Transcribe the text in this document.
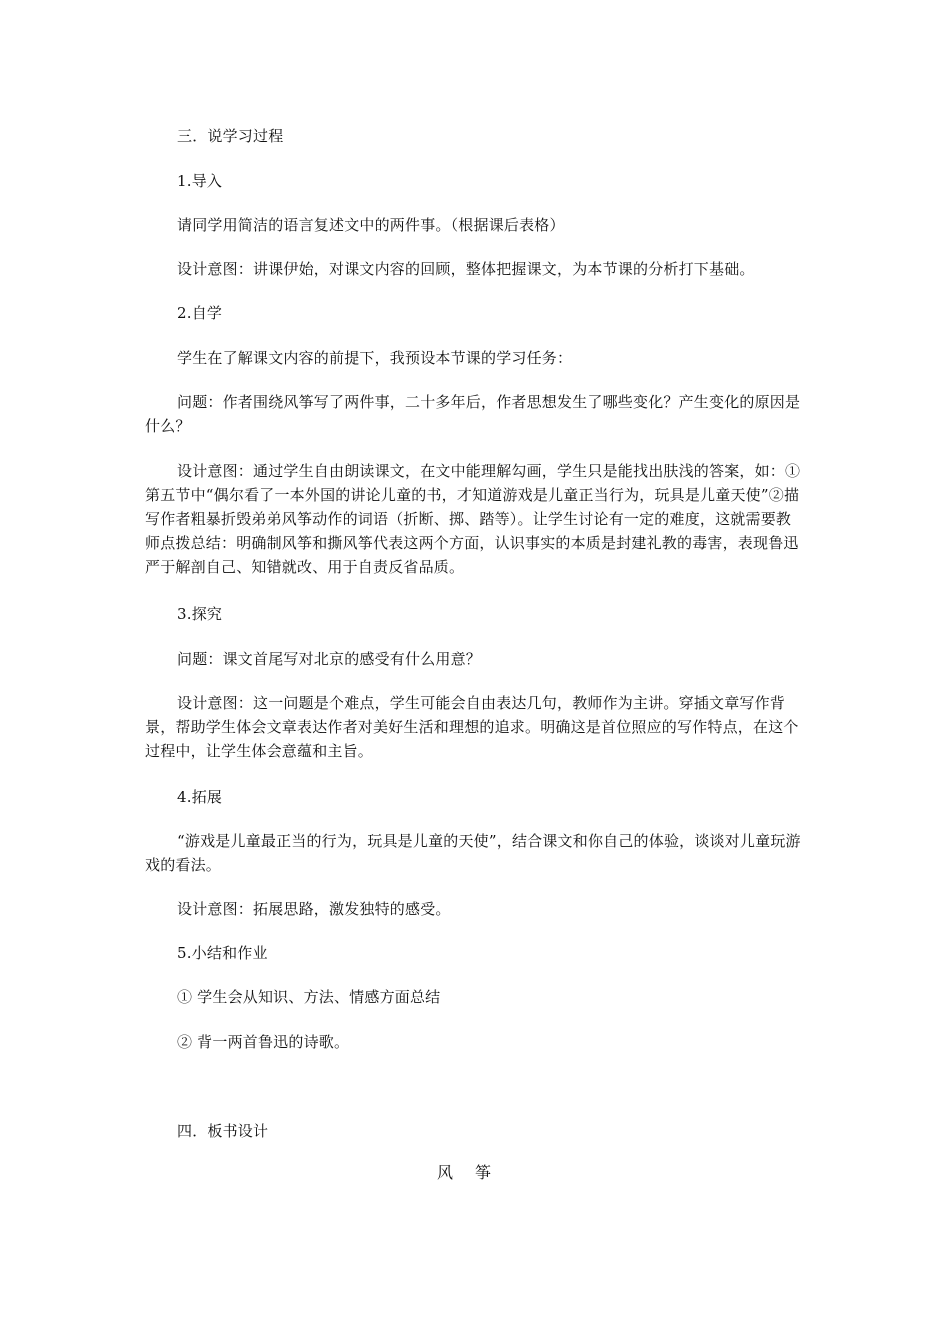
三．说学习过程

1.导入

请同学用简洁的语言复述文中的两件事。（根据课后表格）

设计意图：讲课伊始，对课文内容的回顾，整体把握课文，为本节课的分析打下基础。

2.自学

学生在了解课文内容的前提下，我预设本节课的学习任务：

问题：作者围绕风筝写了两件事，二十多年后，作者思想发生了哪些变化？产生变化的原因是什么？

设计意图：通过学生自由朗读课文，在文中能理解勾画，学生只是能找出肤浅的答案，如：①第五节中“偶尔看了一本外国的讲论儿童的书，才知道游戏是儿童正当行为，玩具是儿童天使”②描写作者粗暴折毁弟弟风筝动作的词语（折断、掷、踏等）。让学生讨论有一定的难度，这就需要教师点拨总结：明确制风筝和撕风筝代表这两个方面，认识事实的本质是封建礼教的毒害，表现鲁迅严于解剖自己、知错就改、用于自责反省品质。

3.探究

问题：课文首尾写对北京的感受有什么用意？

设计意图：这一问题是个难点，学生可能会自由表达几句，教师作为主讲。穿插文章写作背景，帮助学生体会文章表达作者对美好生活和理想的追求。明确这是首位照应的写作特点，在这个过程中，让学生体会意蕴和主旨。

4.拓展

“游戏是儿童最正当的行为，玩具是儿童的天使”，结合课文和你自己的体验，谈谈对儿童玩游戏的看法。

设计意图：拓展思路，激发独特的感受。

5.小结和作业

① 学生会从知识、方法、情感方面总结

② 背一两首鲁迅的诗歌。

四．板书设计

风筝
